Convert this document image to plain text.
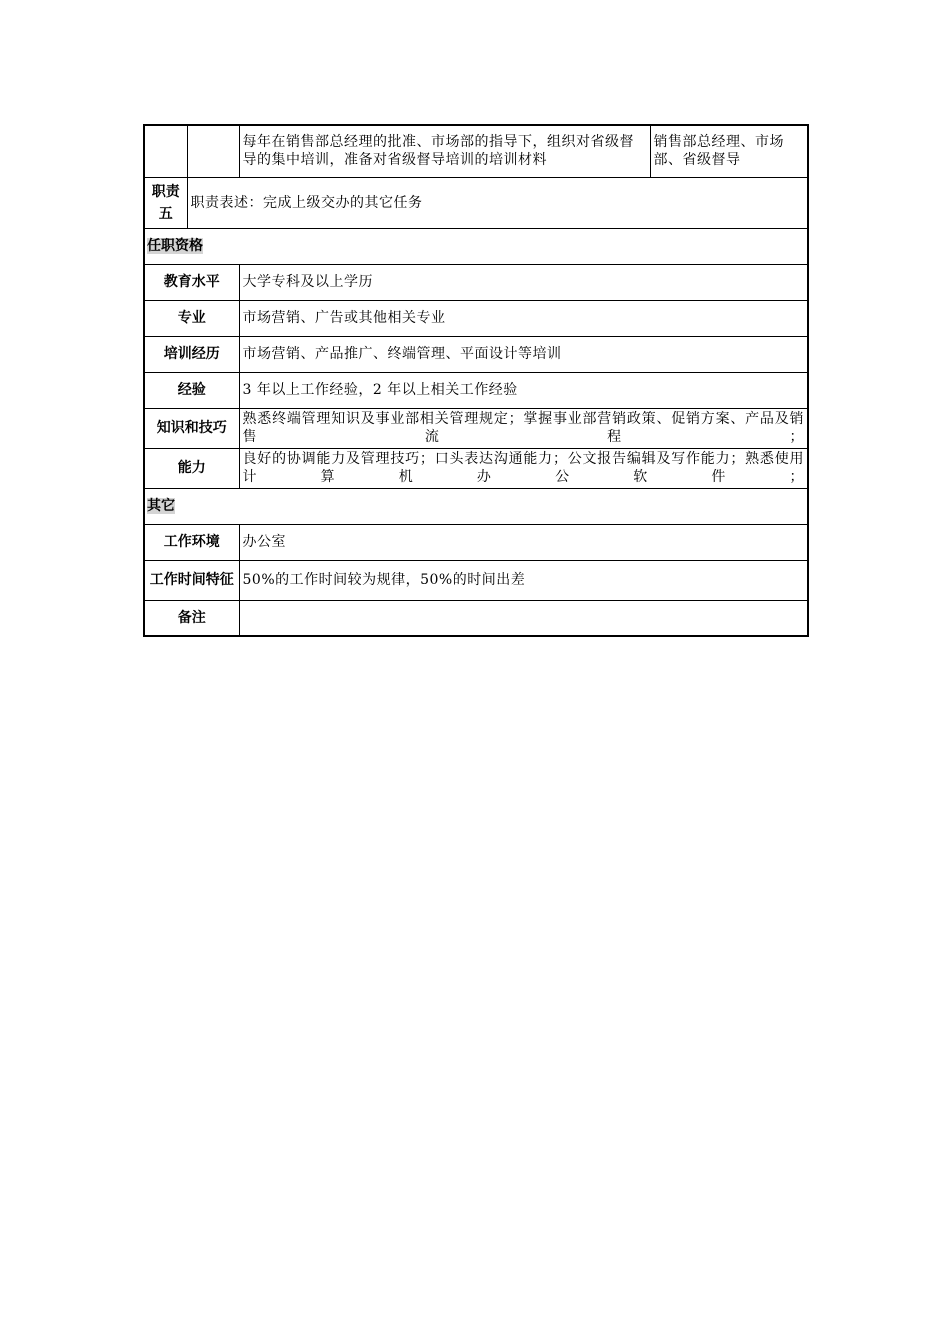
		每年在销售部总经理的批准、市场部的指导下，组织对省级督导的集中培训，准备对省级督导培训的培训材料	销售部总经理、市场部、省级督导
职责五	职责表述：完成上级交办的其它任务		
任职资格			
教育水平		大学专科及以上学历	
专业		市场营销、广告或其他相关专业	
培训经历		市场营销、产品推广、终端管理、平面设计等培训	
经验		3 年以上工作经验，2 年以上相关工作经验	
知识和技巧		熟悉终端管理知识及事业部相关管理规定；掌握事业部营销政策、促销方案、产品及销售流程；	
能力		良好的协调能力及管理技巧；口头表达沟通能力；公文报告编辑及写作能力；熟悉使用计算机办公软件；	
其它			
工作环境		办公室	
工作时间特征		50%的工作时间较为规律，50%的时间出差	
备注			
